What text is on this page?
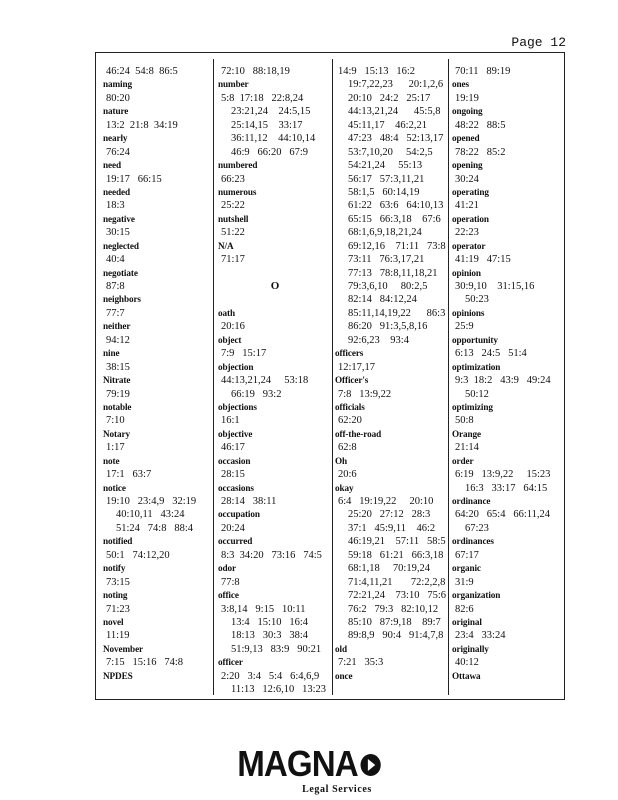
Page 12
46:24  54:8  86:5
naming
80:20
nature
13:2  21:8  34:19
nearly
76:24
need
19:17   66:15
needed
18:3
negative
30:15
neglected
40:4
negotiate
87:8
neighbors
77:7
neither
94:12
nine
38:15
Nitrate
79:19
notable
7:10
Notary
1:17
note
17:1   63:7
notice
19:10   23:4,9   32:19
40:10,11   43:24
51:24   74:8   88:4
notified
50:1   74:12,20
notify
73:15
noting
71:23
novel
11:19
November
7:15   15:16   74:8
NPDES
72:10   88:18,19
number
5:8  17:18   22:8,24
23:21,24    24:5,15
25:14,15    33:17
36:11,12    44:10,14
46:9   66:20   67:9
numbered
66:23
numerous
25:22
nutshell
51:22
N/A
71:17
O
oath
20:16
object
7:9   15:17
objection
44:13,21,24     53:18
66:19   93:2
objections
16:1
objective
46:17
occasion
28:15
occasions
28:14   38:11
occupation
20:24
occurred
8:3  34:20   73:16   74:5
odor
77:8
office
3:8,14   9:15   10:11
13:4   15:10   16:4
18:13   30:3   38:4
51:9,13   83:9   90:21
officer
2:20   3:4   5:4   6:4,6,9
11:13   12:6,10   13:23
14:9   15:13   16:2
19:7,22,23      20:1,2,6
20:10   24:2   25:17
44:13,21,24      45:5,8
45:11,17    46:2,21
47:23   48:4   52:13,17
53:7,10,20     54:2,5
54:21,24     55:13
56:17   57:3,11,21
58:1,5   60:14,19
61:22   63:6   64:10,13
65:15   66:3,18    67:6
68:1,6,9,18,21,24
69:12,16    71:11   73:8
73:11   76:3,17,21
77:13   78:8,11,18,21
79:3,6,10     80:2,5
82:14   84:12,24
85:11,14,19,22      86:3
86:20   91:3,5,8,16
92:6,23    93:4
officers
12:17,17
Officer's
7:8   13:9,22
officials
62:20
off-the-road
62:8
Oh
20:6
okay
6:4   19:19,22     20:10
25:20   27:12   28:3
37:1   45:9,11    46:2
46:19,21    57:11   58:5
59:18   61:21   66:3,18
68:1,18     70:19,24
71:4,11,21       72:2,2,8
72:21,24    73:10   75:6
76:2   79:3   82:10,12
85:10   87:9,18    89:7
89:8,9   90:4   91:4,7,8
old
7:21   35:3
once
70:11   89:19
ones
19:19
ongoing
48:22   88:5
opened
78:22   85:2
opening
30:24
operating
41:21
operation
22:23
operator
41:19   47:15
opinion
30:9,10    31:15,16
50:23
opinions
25:9
opportunity
6:13   24:5   51:4
optimization
9:3  18:2   43:9   49:24
50:12
optimizing
50:8
Orange
21:14
order
6:19   13:9,22     15:23
16:3   33:17   64:15
ordinance
64:20   65:4   66:11,24
67:23
ordinances
67:17
organic
31:9
organization
82:6
original
23:4   33:24
originally
40:12
Ottawa
MAGNA
Legal Services
